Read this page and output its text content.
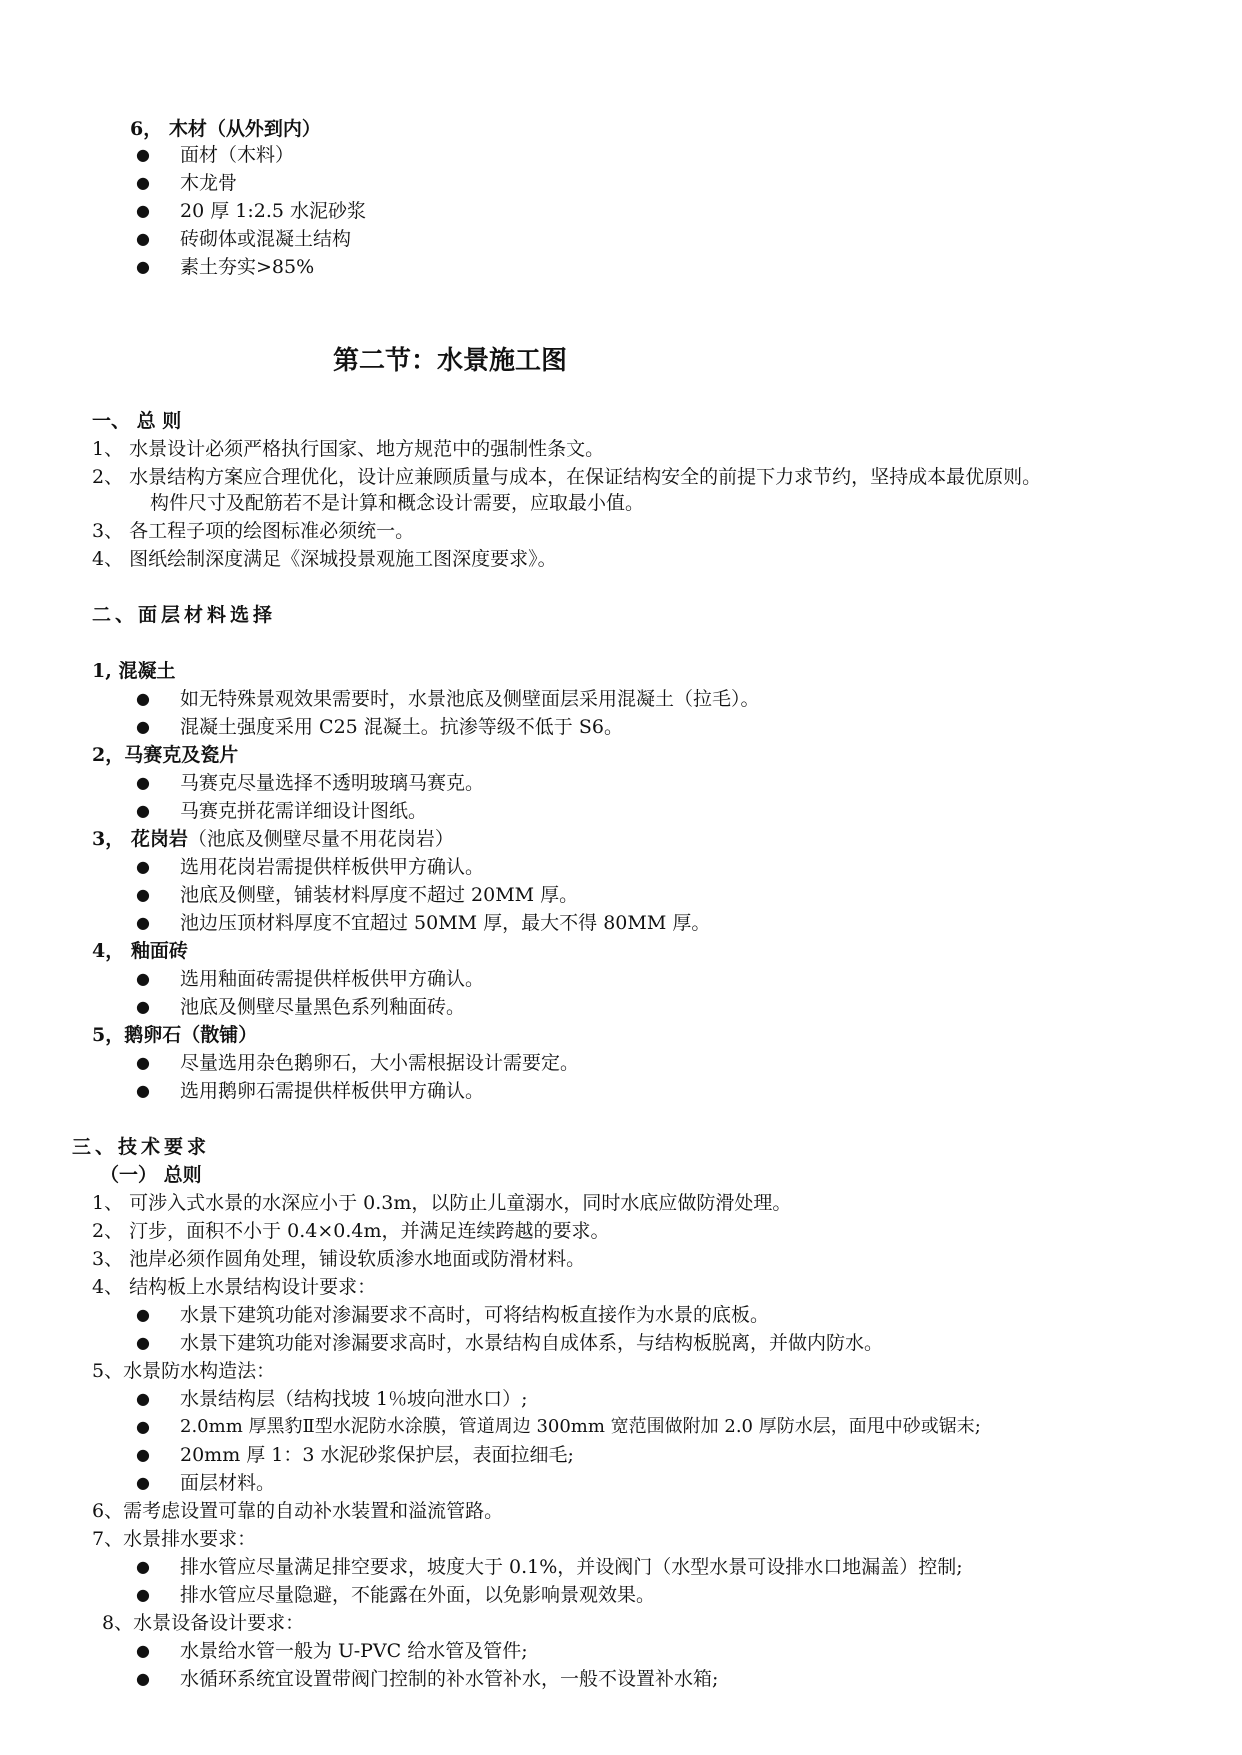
6， 木材（从外到内）
● 面材（木料）
● 木龙骨
● 20 厚 1:2.5 水泥砂浆
● 砖砌体或混凝土结构
● 素土夯实>85%
第二节：水景施工图
一、 总 则
1、 水景设计必须严格执行国家、地方规范中的强制性条文。
2、 水景结构方案应合理优化，设计应兼顾质量与成本，在保证结构安全的前提下力求节约，坚持成本最优原则。
构件尺寸及配筋若不是计算和概念设计需要，应取最小值。
3、 各工程子项的绘图标准必须统一。
4、 图纸绘制深度满足《深城投景观施工图深度要求》。
二、面层材料选择
1, 混凝土
● 如无特殊景观效果需要时，水景池底及侧壁面层采用混凝土（拉毛）。
● 混凝土强度采用 C25 混凝土。抗渗等级不低于 S6。
2，马赛克及瓷片
● 马赛克尽量选择不透明玻璃马赛克。
● 马赛克拼花需详细设计图纸。
3， 花岗岩（池底及侧壁尽量不用花岗岩）
● 选用花岗岩需提供样板供甲方确认。
● 池底及侧壁，铺装材料厚度不超过 20MM 厚。
● 池边压顶材料厚度不宜超过 50MM 厚，最大不得 80MM 厚。
4， 釉面砖
● 选用釉面砖需提供样板供甲方确认。
● 池底及侧壁尽量黑色系列釉面砖。
5，鹅卵石（散铺）
● 尽量选用杂色鹅卵石，大小需根据设计需要定。
● 选用鹅卵石需提供样板供甲方确认。
三、技术要求
（一） 总则
1、 可涉入式水景的水深应小于 0.3m，以防止儿童溺水，同时水底应做防滑处理。
2、 汀步，面积不小于 0.4×0.4m，并满足连续跨越的要求。
3、 池岸必须作圆角处理，铺设软质渗水地面或防滑材料。
4、 结构板上水景结构设计要求：
● 水景下建筑功能对渗漏要求不高时，可将结构板直接作为水景的底板。
● 水景下建筑功能对渗漏要求高时，水景结构自成体系，与结构板脱离，并做内防水。
5、水景防水构造法：
● 水景结构层（结构找坡 1％坡向泄水口）;
● 2.0mm 厚黑豹Ⅱ型水泥防水涂膜，管道周边 300mm 宽范围做附加 2.0 厚防水层，面甩中砂或锯末;
● 20mm 厚 1：3 水泥砂浆保护层，表面拉细毛;
● 面层材料。
6、需考虑设置可靠的自动补水装置和溢流管路。
7、水景排水要求：
● 排水管应尽量满足排空要求，坡度大于 0.1%，并设阀门（水型水景可设排水口地漏盖）控制;
● 排水管应尽量隐避，不能露在外面，以免影响景观效果。
8、水景设备设计要求：
● 水景给水管一般为 U-PVC 给水管及管件;
● 水循环系统宜设置带阀门控制的补水管补水，一般不设置补水箱;
